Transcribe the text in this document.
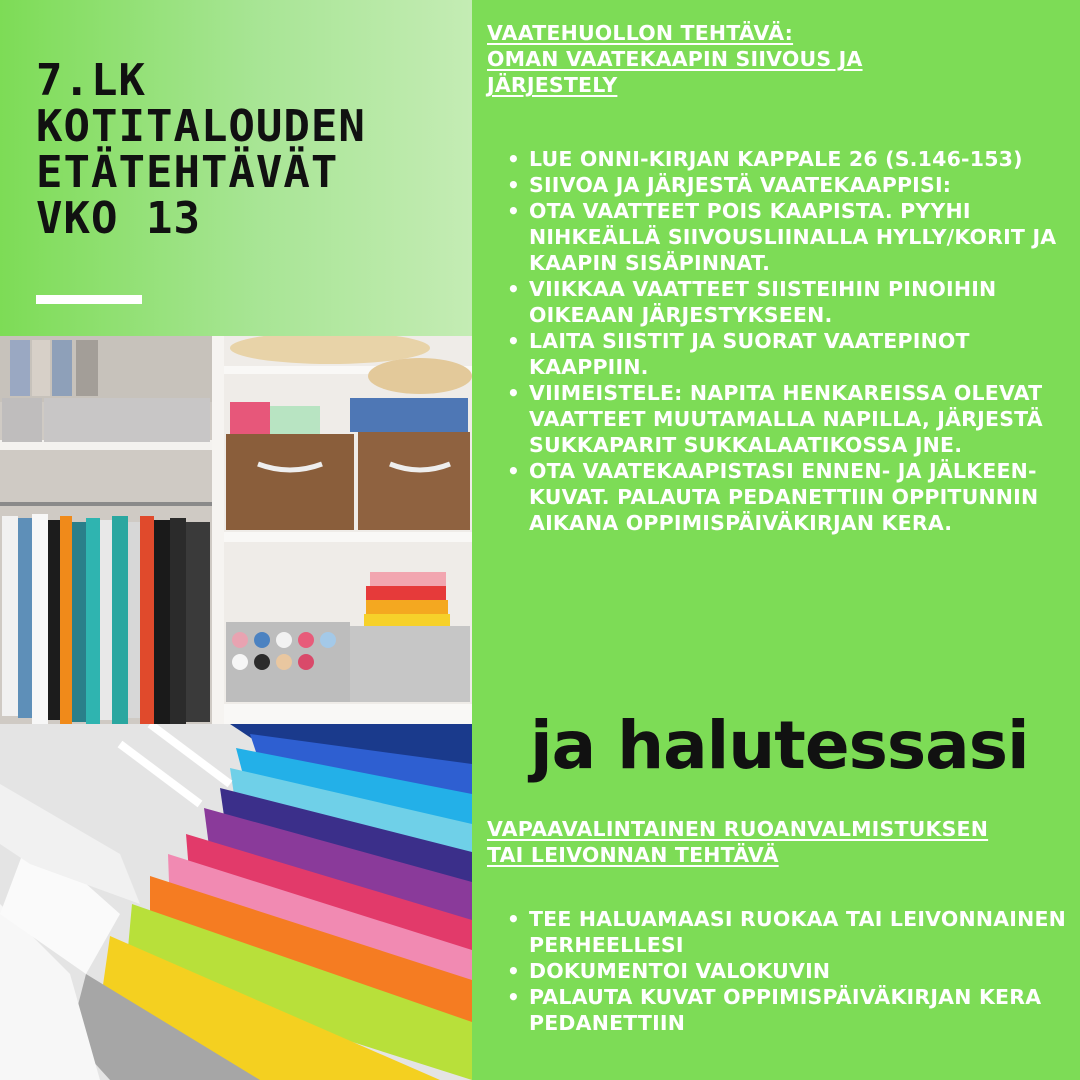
7.LK
KOTITALOUDEN
ETÄTEHTÄVÄT
VKO 13
VAATEHUOLLON TEHTÄVÄ:
OMAN VAATEKAAPIN SIIVOUS JA
JÄRJESTELY
• LUE ONNI-KIRJAN KAPPALE 26 (S.146-153)
• SIIVOA JA JÄRJESTÄ VAATEKAAPPISI:
• OTA VAATTEET POIS KAAPISTA. PYYHI NIHKEÄLLÄ SIIVOUSLIINALLA HYLLY/KORIT JA KAAPIN SISÄPINNAT.
• VIIKKAA VAATTEET SIISTEIHIN PINOIHIN OIKEAAN JÄRJESTYKSEEN.
• LAITA SIISTIT JA SUORAT VAATEPINOT KAAPPIIN.
• VIIMEISTELE: NAPITA HENKAREISSA OLEVAT VAATTEET MUUTAMALLA NAPILLA, JÄRJESTÄ SUKKAPARIT SUKKALAATIKOSSA JNE.
• OTA VAATEKAAPISTASI ENNEN- JA JÄLKEEN- KUVAT. PALAUTA PEDANETTIIN OPPITUNNIN AIKANA OPPIMISPÄIVÄKIRJAN KERA.

ja halutessasi

VAPAAVALINTAINEN RUOANVALMISTUKSEN
TAI LEIVONNAN TEHTÄVÄ
• TEE HALUAMAASI RUOKAA TAI LEIVONNAINEN PERHEELLESI
• DOKUMENTOI VALOKUVIN
• PALAUTA KUVAT OPPIMISPÄIVÄKIRJAN KERA PEDANETTIIN
